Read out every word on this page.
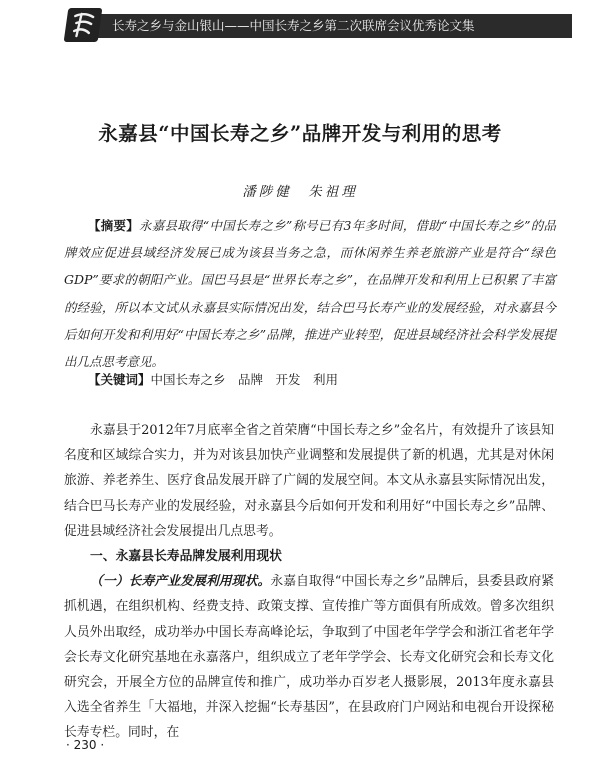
长寿之乡与金山银山——中国长寿之乡第二次联席会议优秀论文集
永嘉县“中国长寿之乡”品牌开发与利用的思考
潘陟健　朱祖理
【摘要】永嘉县取得“中国长寿之乡”称号已有3年多时间，借助“中国长寿之乡”的品牌效应促进县域经济发展已成为该县当务之急，而休闲养生养老旅游产业是符合“绿色GDP”要求的朝阳产业。国巴马县是“世界长寿之乡”，在品牌开发和利用上已积累了丰富的经验，所以本文试从永嘉县实际情况出发，结合巴马长寿产业的发展经验，对永嘉县今后如何开发和利用好“中国长寿之乡”品牌，推进产业转型，促进县域经济社会科学发展提出几点思考意见。
【关键词】中国长寿之乡　品牌　开发　利用

永嘉县于2012年7月底率全省之首荣膺“中国长寿之乡”金名片，有效提升了该县知名度和区域综合实力，并为对该县加快产业调整和发展提供了新的机遇，尤其是对休闲旅游、养老养生、医疗食品发展开辟了广阔的发展空间。本文从永嘉县实际情况出发，结合巴马长寿产业的发展经验，对永嘉县今后如何开发和利用好“中国长寿之乡”品牌、促进县域经济社会发展提出几点思考。

一、永嘉县长寿品牌发展利用现状

（一）长寿产业发展利用现状。永嘉自取得“中国长寿之乡”品牌后，县委县政府紧抓机遇，在组织机构、经费支持、政策支撑、宣传推广等方面俱有所成效。曾多次组织人员外出取经，成功举办中国长寿高峰论坛，争取到了中国老年学学会和浙江省老年学会长寿文化研究基地在永嘉落户，组织成立了老年学学会、长寿文化研究会和长寿文化研究会，开展全方位的品牌宣传和推广，成功举办百岁老人摄影展，2013年度永嘉县入选全省养生「大福地，并深入挖掘“长寿基因”，在县政府门户网站和电视台开设探秘长寿专栏。同时，在

· 230 ·
